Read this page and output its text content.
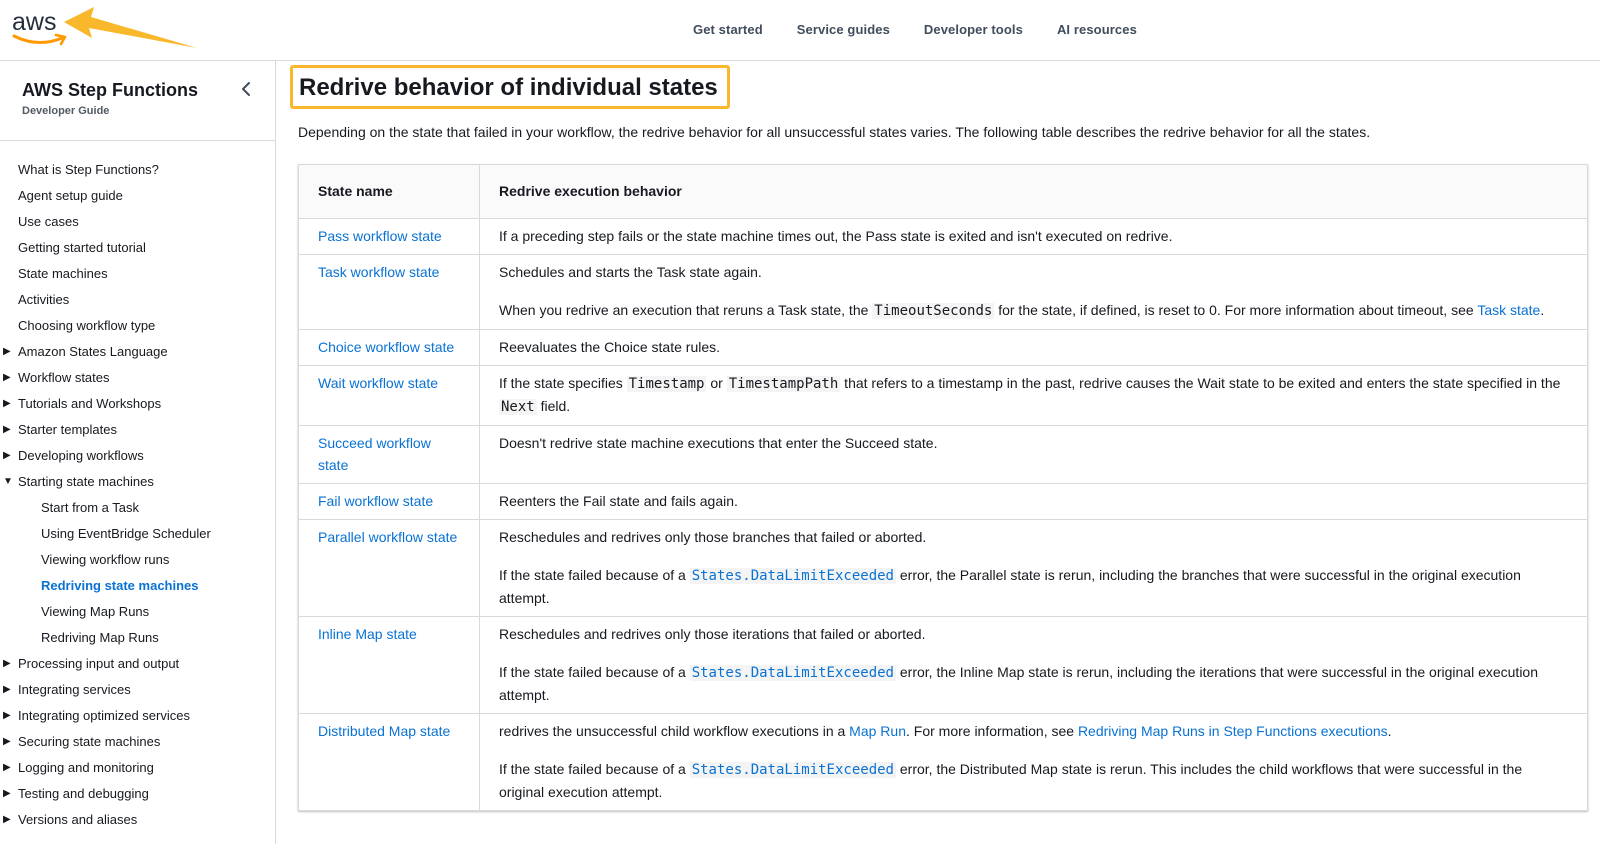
aws	Get started	Service guides	Developer tools	AI resources
AWS Step Functions
Developer Guide
What is Step Functions?
Agent setup guide
Use cases
Getting started tutorial
State machines
Activities
Choosing workflow type
▶ Amazon States Language
▶ Workflow states
▶ Tutorials and Workshops
▶ Starter templates
▶ Developing workflows
▼ Starting state machines
Start from a Task
Using EventBridge Scheduler
Viewing workflow runs
Redriving state machines
Viewing Map Runs
Redriving Map Runs
▶ Processing input and output
▶ Integrating services
▶ Integrating optimized services
▶ Securing state machines
▶ Logging and monitoring
▶ Testing and debugging
▶ Versions and aliases
Redrive behavior of individual states

Depending on the state that failed in your workflow, the redrive behavior for all unsuccessful states varies. The following table describes the redrive behavior for all the states.

State name	Redrive execution behavior
Pass workflow state	If a preceding step fails or the state machine times out, the Pass state is exited and isn't executed on redrive.

Task workflow state	Schedules and starts the Task state again.
When you redrive an execution that reruns a Task state, the TimeoutSeconds for the state, if defined, is reset to 0. For more information about timeout, see Task state.

Choice workflow state	Reevaluates the Choice state rules.

Wait workflow state	If the state specifies Timestamp or TimestampPath that refers to a timestamp in the past, redrive causes the Wait state to be exited and enters the state specified in the Next field.

Succeed workflow state	Doesn't redrive state machine executions that enter the Succeed state.

Fail workflow state	Reenters the Fail state and fails again.

Parallel workflow state	Reschedules and redrives only those branches that failed or aborted.
If the state failed because of a States.DataLimitExceeded error, the Parallel state is rerun, including the branches that were successful in the original execution attempt.

Inline Map state	Reschedules and redrives only those iterations that failed or aborted.
If the state failed because of a States.DataLimitExceeded error, the Inline Map state is rerun, including the iterations that were successful in the original execution attempt.

Distributed Map state	redrives the unsuccessful child workflow executions in a Map Run. For more information, see Redriving Map Runs in Step Functions executions.
If the state failed because of a States.DataLimitExceeded error, the Distributed Map state is rerun. This includes the child workflows that were successful in the original execution attempt.
